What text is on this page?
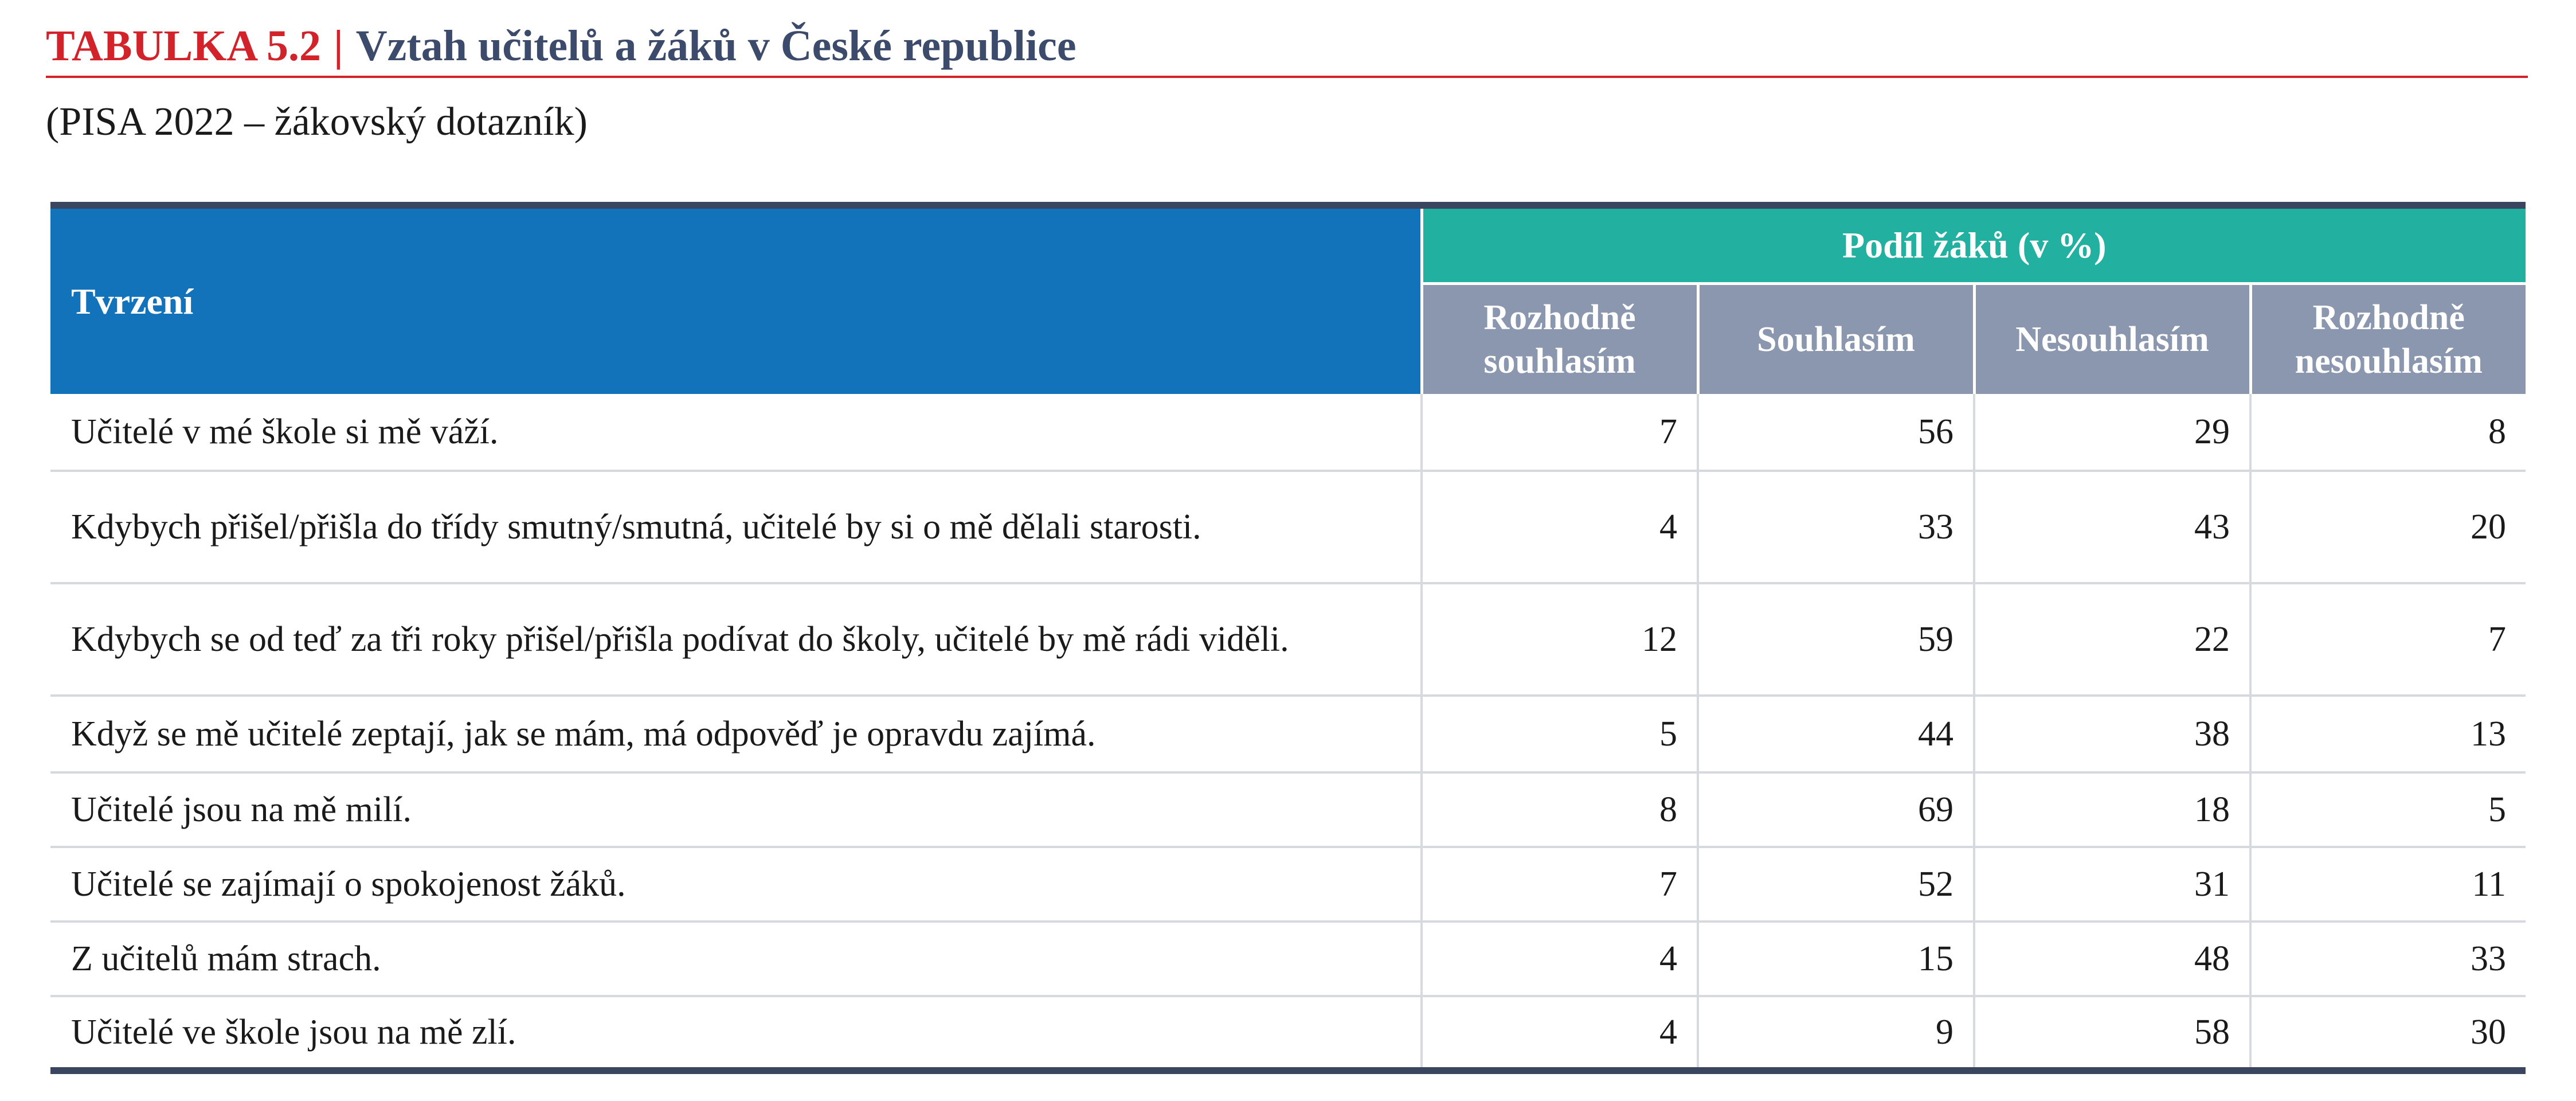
TABULKA 5.2 | Vztah učitelů a žáků v České republice
(PISA 2022 – žákovský dotazník)
Tvrzení	Podíl žáků (v %)			
	Rozhodně souhlasím	Souhlasím	Nesouhlasím	Rozhodně nesouhlasím
Učitelé v mé škole si mě váží.	7	56	29	8
Kdybych přišel/přišla do třídy smutný/smutná, učitelé by si o mě dělali starosti.	4	33	43	20
Kdybych se od teď za tři roky přišel/přišla podívat do školy, učitelé by mě rádi viděli.	12	59	22	7
Když se mě učitelé zeptají, jak se mám, má odpověď je opravdu zajímá.	5	44	38	13
Učitelé jsou na mě milí.	8	69	18	5
Učitelé se zajímají o spokojenost žáků.	7	52	31	11
Z učitelů mám strach.	4	15	48	33
Učitelé ve škole jsou na mě zlí.	4	9	58	30
